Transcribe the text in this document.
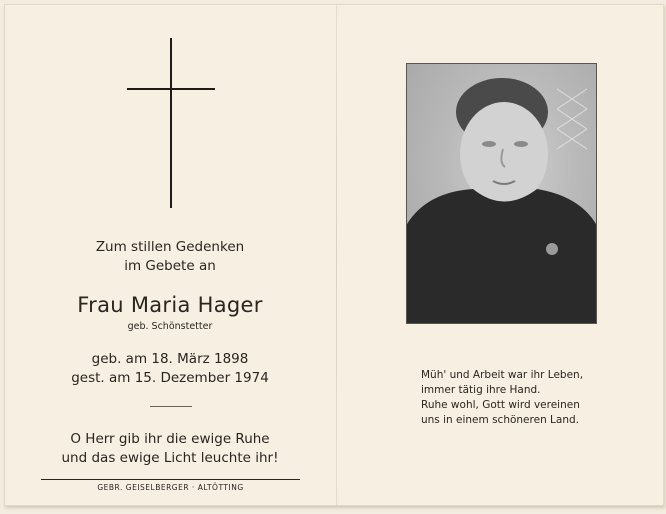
Zum stillen Gedenken
im Gebete an
Frau Maria Hager
geb. Schönstetter
geb. am 18. März 1898
gest. am 15. Dezember 1974
O Herr gib ihr die ewige Ruhe
und das ewige Licht leuchte ihr!
GEBR. GEISELBERGER · ALTÖTTING
Müh' und Arbeit war ihr Leben,
immer tätig ihre Hand.
Ruhe wohl, Gott wird vereinen
uns in einem schöneren Land.
